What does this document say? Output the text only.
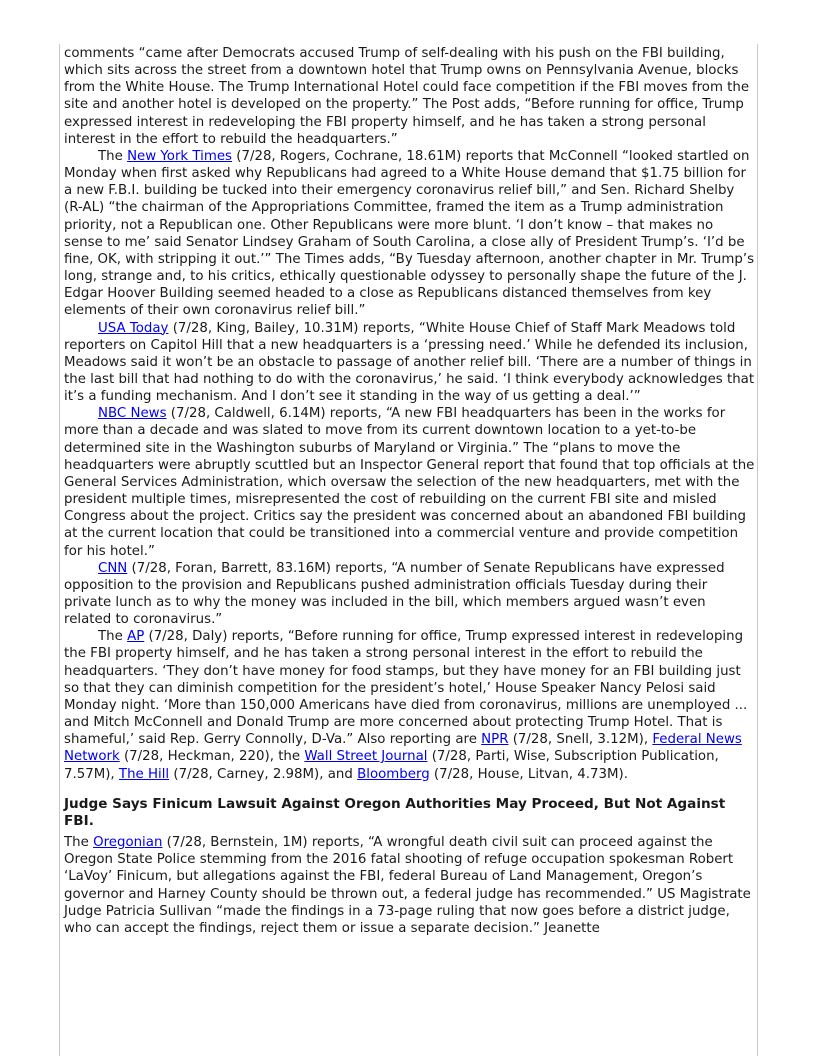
comments “came after Democrats accused Trump of self-dealing with his push on the FBI building, which sits across the street from a downtown hotel that Trump owns on Pennsylvania Avenue, blocks from the White House. The Trump International Hotel could face competition if the FBI moves from the site and another hotel is developed on the property.” The Post adds, “Before running for office, Trump expressed interest in redeveloping the FBI property himself, and he has taken a strong personal interest in the effort to rebuild the headquarters.”

The New York Times (7/28, Rogers, Cochrane, 18.61M) reports that McConnell “looked startled on Monday when first asked why Republicans had agreed to a White House demand that $1.75 billion for a new F.B.I. building be tucked into their emergency coronavirus relief bill,” and Sen. Richard Shelby (R-AL) “the chairman of the Appropriations Committee, framed the item as a Trump administration priority, not a Republican one. Other Republicans were more blunt. ‘I don’t know – that makes no sense to me’ said Senator Lindsey Graham of South Carolina, a close ally of President Trump’s. ‘I’d be fine, OK, with stripping it out.’” The Times adds, “By Tuesday afternoon, another chapter in Mr. Trump’s long, strange and, to his critics, ethically questionable odyssey to personally shape the future of the J. Edgar Hoover Building seemed headed to a close as Republicans distanced themselves from key elements of their own coronavirus relief bill.”

USA Today (7/28, King, Bailey, 10.31M) reports, “White House Chief of Staff Mark Meadows told reporters on Capitol Hill that a new headquarters is a ‘pressing need.’ While he defended its inclusion, Meadows said it won’t be an obstacle to passage of another relief bill. ‘There are a number of things in the last bill that had nothing to do with the coronavirus,’ he said. ‘I think everybody acknowledges that it’s a funding mechanism. And I don’t see it standing in the way of us getting a deal.’”

NBC News (7/28, Caldwell, 6.14M) reports, “A new FBI headquarters has been in the works for more than a decade and was slated to move from its current downtown location to a yet-to-be determined site in the Washington suburbs of Maryland or Virginia.” The “plans to move the headquarters were abruptly scuttled but an Inspector General report that found that top officials at the General Services Administration, which oversaw the selection of the new headquarters, met with the president multiple times, misrepresented the cost of rebuilding on the current FBI site and misled Congress about the project. Critics say the president was concerned about an abandoned FBI building at the current location that could be transitioned into a commercial venture and provide competition for his hotel.”

CNN (7/28, Foran, Barrett, 83.16M) reports, “A number of Senate Republicans have expressed opposition to the provision and Republicans pushed administration officials Tuesday during their private lunch as to why the money was included in the bill, which members argued wasn’t even related to coronavirus.”

The AP (7/28, Daly) reports, “Before running for office, Trump expressed interest in redeveloping the FBI property himself, and he has taken a strong personal interest in the effort to rebuild the headquarters. ‘They don’t have money for food stamps, but they have money for an FBI building just so that they can diminish competition for the president’s hotel,’ House Speaker Nancy Pelosi said Monday night. ‘More than 150,000 Americans have died from coronavirus, millions are unemployed ... and Mitch McConnell and Donald Trump are more concerned about protecting Trump Hotel. That is shameful,’ said Rep. Gerry Connolly, D-Va.” Also reporting are NPR (7/28, Snell, 3.12M), Federal News Network (7/28, Heckman, 220), the Wall Street Journal (7/28, Parti, Wise, Subscription Publication, 7.57M), The Hill (7/28, Carney, 2.98M), and Bloomberg (7/28, House, Litvan, 4.73M).

Judge Says Finicum Lawsuit Against Oregon Authorities May Proceed, But Not Against FBI.

The Oregonian (7/28, Bernstein, 1M) reports, “A wrongful death civil suit can proceed against the Oregon State Police stemming from the 2016 fatal shooting of refuge occupation spokesman Robert ‘LaVoy’ Finicum, but allegations against the FBI, federal Bureau of Land Management, Oregon’s governor and Harney County should be thrown out, a federal judge has recommended.” US Magistrate Judge Patricia Sullivan “made the findings in a 73-page ruling that now goes before a district judge, who can accept the findings, reject them or issue a separate decision.” Jeanette
